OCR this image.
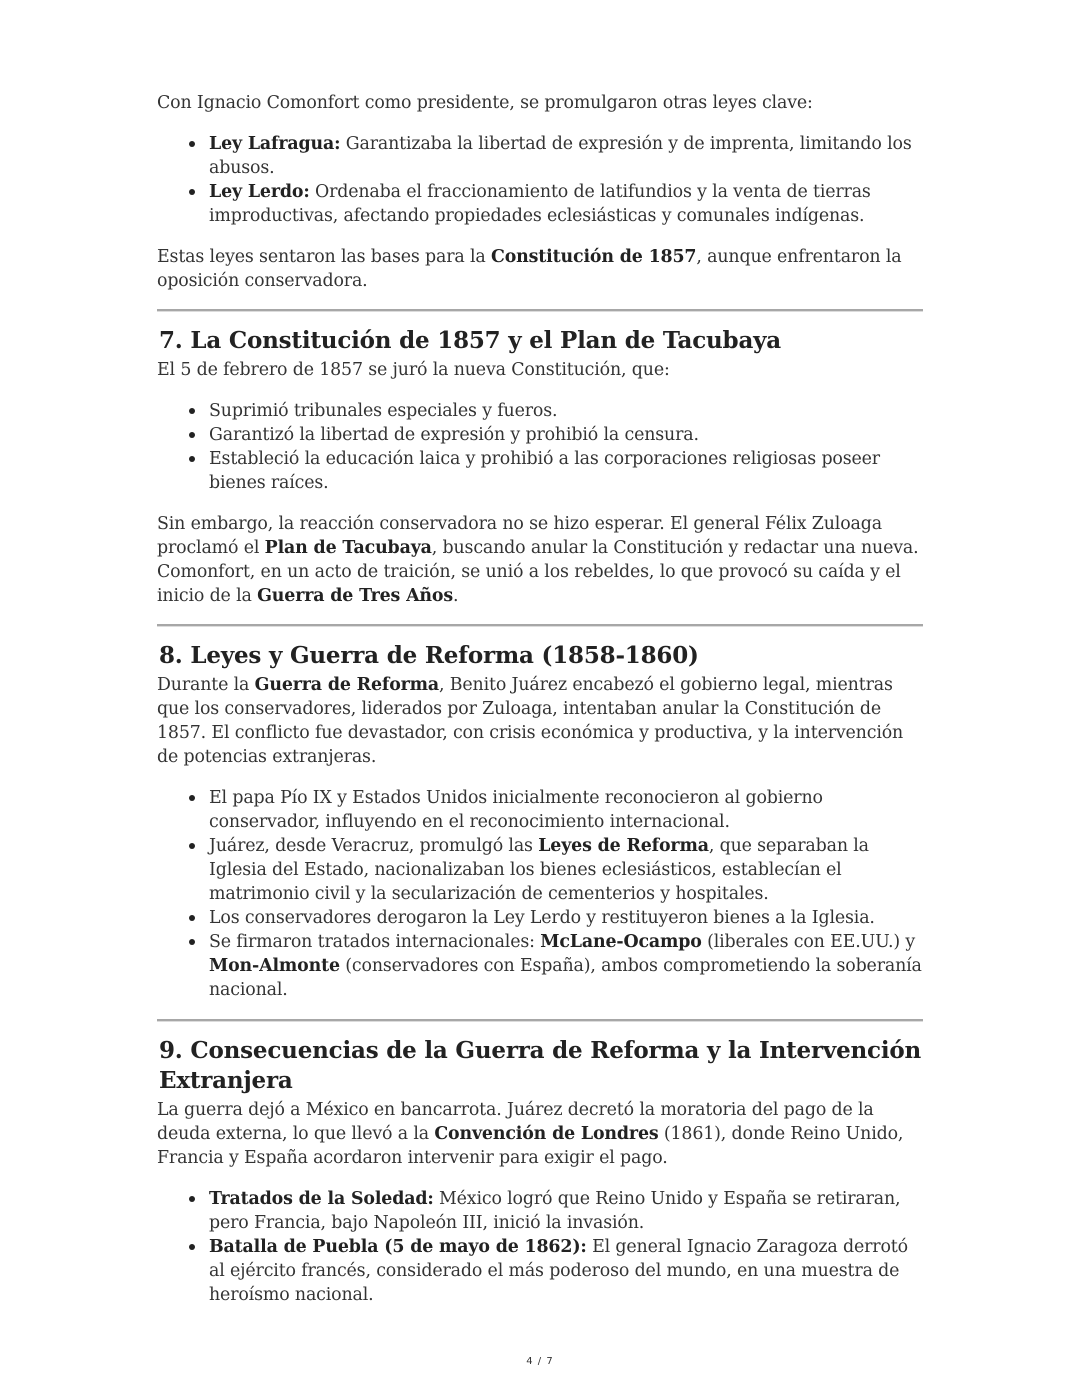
Con Ignacio Comonfort como presidente, se promulgaron otras leyes clave:

Ley Lafragua: Garantizaba la libertad de expresión y de imprenta, limitando los abusos.
Ley Lerdo: Ordenaba el fraccionamiento de latifundios y la venta de tierras improductivas, afectando propiedades eclesiásticas y comunales indígenas.

Estas leyes sentaron las bases para la Constitución de 1857, aunque enfrentaron la oposición conservadora.

7. La Constitución de 1857 y el Plan de Tacubaya

El 5 de febrero de 1857 se juró la nueva Constitución, que:

Suprimió tribunales especiales y fueros.
Garantizó la libertad de expresión y prohibió la censura.
Estableció la educación laica y prohibió a las corporaciones religiosas poseer bienes raíces.

Sin embargo, la reacción conservadora no se hizo esperar. El general Félix Zuloaga proclamó el Plan de Tacubaya, buscando anular la Constitución y redactar una nueva. Comonfort, en un acto de traición, se unió a los rebeldes, lo que provocó su caída y el inicio de la Guerra de Tres Años.

8. Leyes y Guerra de Reforma (1858-1860)

Durante la Guerra de Reforma, Benito Juárez encabezó el gobierno legal, mientras que los conservadores, liderados por Zuloaga, intentaban anular la Constitución de 1857. El conflicto fue devastador, con crisis económica y productiva, y la intervención de potencias extranjeras.

El papa Pío IX y Estados Unidos inicialmente reconocieron al gobierno conservador, influyendo en el reconocimiento internacional.
Juárez, desde Veracruz, promulgó las Leyes de Reforma, que separaban la Iglesia del Estado, nacionalizaban los bienes eclesiásticos, establecían el matrimonio civil y la secularización de cementerios y hospitales.
Los conservadores derogaron la Ley Lerdo y restituyeron bienes a la Iglesia.
Se firmaron tratados internacionales: McLane-Ocampo (liberales con EE.UU.) y Mon-Almonte (conservadores con España), ambos comprometiendo la soberanía nacional.
9. Consecuencias de la Guerra de Reforma y la Intervención Extranjera

La guerra dejó a México en bancarrota. Juárez decretó la moratoria del pago de la deuda externa, lo que llevó a la Convención de Londres (1861), donde Reino Unido, Francia y España acordaron intervenir para exigir el pago.

Tratados de la Soledad: México logró que Reino Unido y España se retiraran, pero Francia, bajo Napoleón III, inició la invasión.
Batalla de Puebla (5 de mayo de 1862): El general Ignacio Zaragoza derrotó al ejército francés, considerado el más poderoso del mundo, en una muestra de heroísmo nacional.
4 / 7
